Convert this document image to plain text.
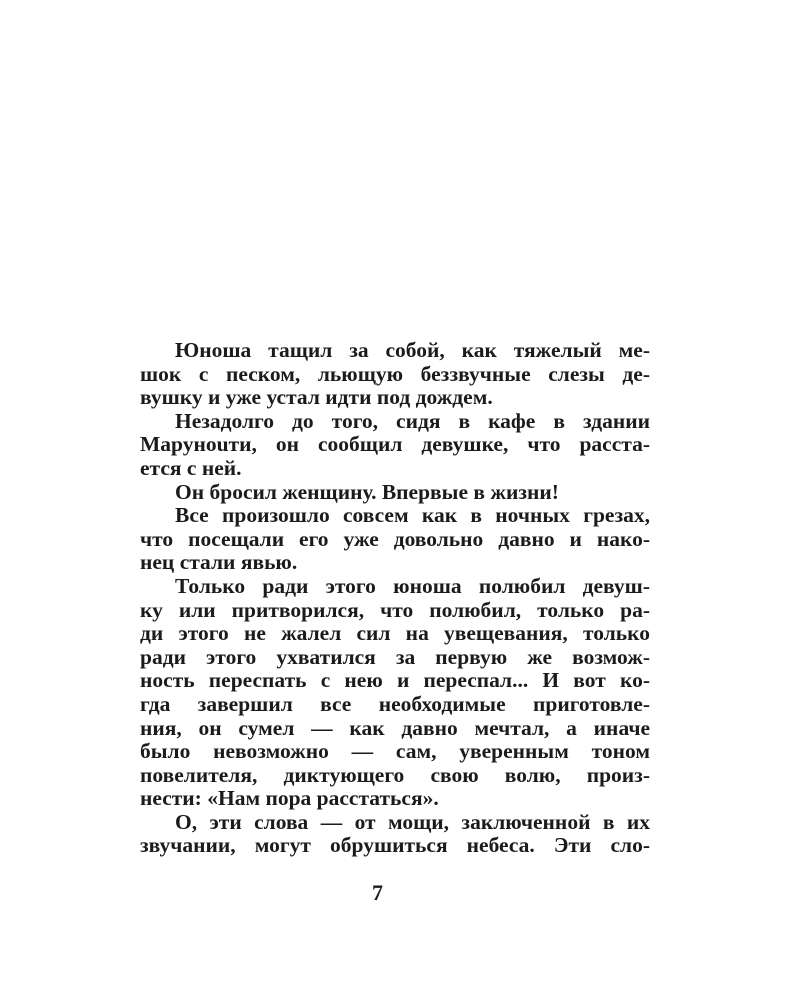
Юноша тащил за собой, как тяжелый ме-
шок с песком, льющую беззвучные слезы де-
вушку и уже устал идти под дождем.
Незадолго до того, сидя в кафе в здании
Марунouти, он сообщил девушке, что расста-
ется с ней.
Он бросил женщину. Впервые в жизни!
Все произошло совсем как в ночных грезах,
что посещали его уже довольно давно и нако-
нец стали явью.
Только ради этого юноша полюбил девуш-
ку или притворился, что полюбил, только ра-
ди этого не жалел сил на увещевания, только
ради этого ухватился за первую же возмож-
ность переспать с нею и переспал... И вот ко-
гда завершил все необходимые приготовле-
ния, он сумел — как давно мечтал, а иначе
было невозможно — сам, уверенным тоном
повелителя, диктующего свою волю, произ-
нести: «Нам пора расстаться».
О, эти слова — от мощи, заключенной в их
звучании, могут обрушиться небеса. Эти сло-
7
